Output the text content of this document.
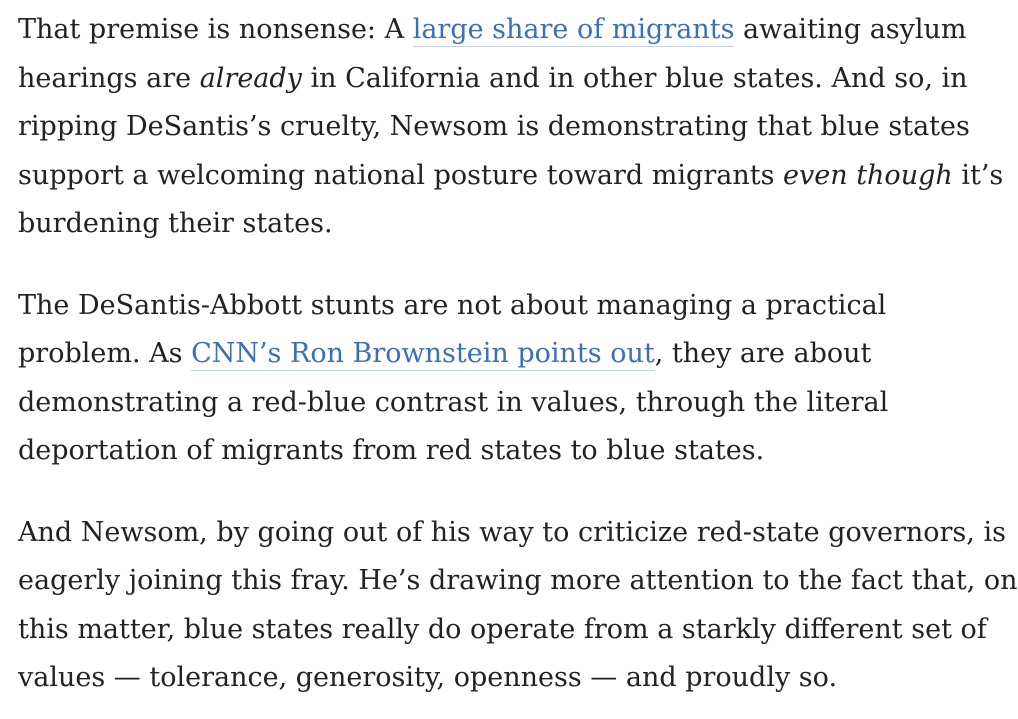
That premise is nonsense: A large share of migrants awaiting asylum
hearings are already in California and in other blue states. And so, in
ripping DeSantis’s cruelty, Newsom is demonstrating that blue states
support a welcoming national posture toward migrants even though it’s
burdening their states.

The DeSantis-Abbott stunts are not about managing a practical
problem. As CNN’s Ron Brownstein points out, they are about
demonstrating a red-blue contrast in values, through the literal
deportation of migrants from red states to blue states.

And Newsom, by going out of his way to criticize red-state governors, is
eagerly joining this fray. He’s drawing more attention to the fact that, on
this matter, blue states really do operate from a starkly different set of
values — tolerance, generosity, openness — and proudly so.
